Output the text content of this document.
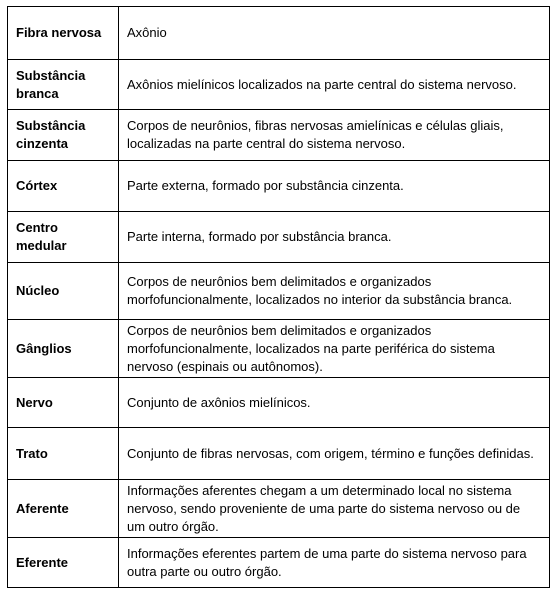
Fibra nervosa	Axônio
Substância branca	Axônios mielínicos localizados na parte central do sistema nervoso.
Substância cinzenta	Corpos de neurônios, fibras nervosas amielínicas e células gliais, localizadas na parte central do sistema nervoso.
Córtex	Parte externa, formado por substância cinzenta.
Centro medular	Parte interna, formado por substância branca.
Núcleo	Corpos de neurônios bem delimitados e organizados morfofuncionalmente, localizados no interior da substância branca.
Gânglios	Corpos de neurônios bem delimitados e organizados morfofuncionalmente, localizados na parte periférica do sistema nervoso (espinais ou autônomos).
Nervo	Conjunto de axônios mielínicos.
Trato	Conjunto de fibras nervosas, com origem, término e funções definidas.
Aferente	Informações aferentes chegam a um determinado local no sistema nervoso, sendo proveniente de uma parte do sistema nervoso ou de um outro órgão.
Eferente	Informações eferentes partem de uma parte do sistema nervoso para outra parte ou outro órgão.
